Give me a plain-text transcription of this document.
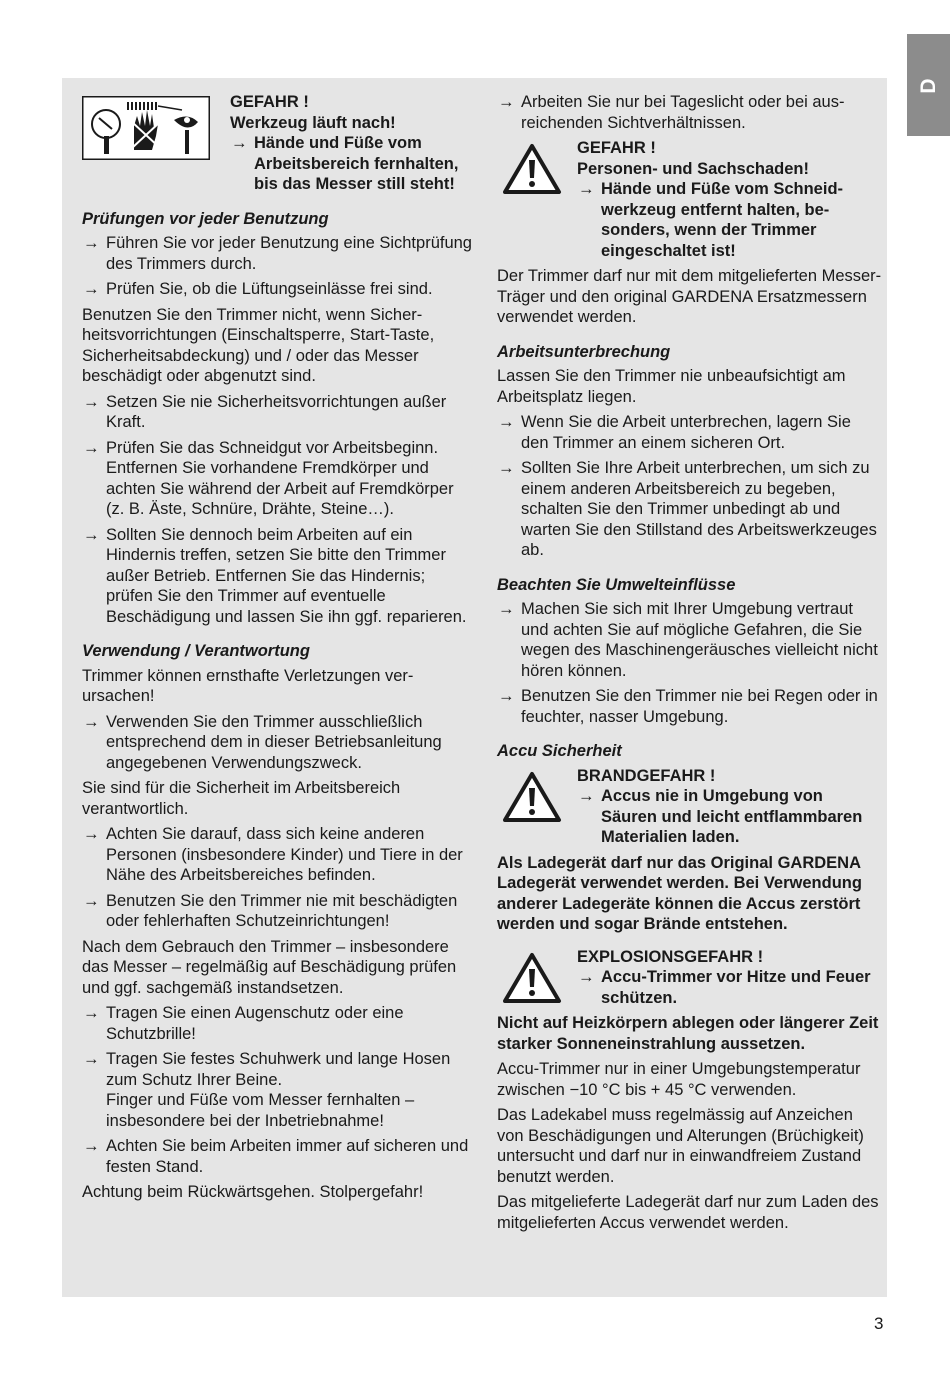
D

GEFAHR !

Werkzeug läuft nach!

→ Hände und Füße vom Arbeitsbereich fernhalten, bis das Messer still steht!

Prüfungen vor jeder Benutzung

→ Führen Sie vor jeder Benutzung eine Sichtprüfung des Trimmers durch.

→ Prüfen Sie, ob die Lüftungseinlässe frei sind.

Benutzen Sie den Trimmer nicht, wenn Sicherheitsvorrichtungen (Einschaltsperre, Start-Taste, Sicherheitsabdeckung) und / oder das Messer beschädigt oder abgenutzt sind.

→ Setzen Sie nie Sicherheitsvorrichtungen außer Kraft.

→ Prüfen Sie das Schneidgut vor Arbeitsbeginn. Entfernen Sie vorhandene Fremdkörper und achten Sie während der Arbeit auf Fremdkörper (z. B. Äste, Schnüre, Drähte, Steine…).

→ Sollten Sie dennoch beim Arbeiten auf ein Hindernis treffen, setzen Sie bitte den Trimmer außer Betrieb. Entfernen Sie das Hindernis; prüfen Sie den Trimmer auf eventuelle Beschädigung und lassen Sie ihn ggf. reparieren.

Verwendung / Verantwortung

Trimmer können ernsthafte Verletzungen verursachen!

→ Verwenden Sie den Trimmer ausschließlich entsprechend dem in dieser Betriebsanleitung angegebenen Verwendungszweck.

Sie sind für die Sicherheit im Arbeitsbereich verantwortlich.

→ Achten Sie darauf, dass sich keine anderen Personen (insbesondere Kinder) und Tiere in der Nähe des Arbeitsbereiches befinden.

→ Benutzen Sie den Trimmer nie mit beschädigten oder fehlerhaften Schutzeinrichtungen!

Nach dem Gebrauch den Trimmer – insbesondere das Messer – regelmäßig auf Beschädigung prüfen und ggf. sachgemäß instandsetzen.

→ Tragen Sie einen Augenschutz oder eine Schutzbrille!

→ Tragen Sie festes Schuhwerk und lange Hosen zum Schutz Ihrer Beine.
Finger und Füße vom Messer fernhalten – insbesondere bei der Inbetriebnahme!

→ Achten Sie beim Arbeiten immer auf sicheren und festen Stand.

Achtung beim Rückwärtsgehen. Stolpergefahr!

→ Arbeiten Sie nur bei Tageslicht oder bei ausreichenden Sichtverhältnissen.

GEFAHR !

Personen- und Sachschaden!

→ Hände und Füße vom Schneidwerkzeug entfernt halten, besonders, wenn der Trimmer eingeschaltet ist!

Der Trimmer darf nur mit dem mitgelieferten Messer-Träger und den original GARDENA Ersatzmessern verwendet werden.

Arbeitsunterbrechung

Lassen Sie den Trimmer nie unbeaufsichtigt am Arbeitsplatz liegen.

→ Wenn Sie die Arbeit unterbrechen, lagern Sie den Trimmer an einem sicheren Ort.

→ Sollten Sie Ihre Arbeit unterbrechen, um sich zu einem anderen Arbeitsbereich zu begeben, schalten Sie den Trimmer unbedingt ab und warten Sie den Stillstand des Arbeitswerkzeuges ab.

Beachten Sie Umwelteinflüsse

→ Machen Sie sich mit Ihrer Umgebung vertraut und achten Sie auf mögliche Gefahren, die Sie wegen des Maschinengeräusches vielleicht nicht hören können.

→ Benutzen Sie den Trimmer nie bei Regen oder in feuchter, nasser Umgebung.

Accu Sicherheit

BRANDGEFAHR !

→ Accus nie in Umgebung von Säuren und leicht entflammbaren Materialien laden.

Als Ladegerät darf nur das Original GARDENA Ladegerät verwendet werden. Bei Verwendung anderer Ladegeräte können die Accus zerstört werden und sogar Brände entstehen.

EXPLOSIONSGEFAHR !

→ Accu-Trimmer vor Hitze und Feuer schützen.

Nicht auf Heizkörpern ablegen oder längerer Zeit starker Sonneneinstrahlung aussetzen.

Accu-Trimmer nur in einer Umgebungstemperatur zwischen −10 °C bis + 45 °C verwenden.

Das Ladekabel muss regelmässig auf Anzeichen von Beschädigungen und Alterungen (Brüchigkeit) untersucht und darf nur in einwandfreiem Zustand benutzt werden.

Das mitgelieferte Ladegerät darf nur zum Laden des mitgelieferten Accus verwendet werden.

3
